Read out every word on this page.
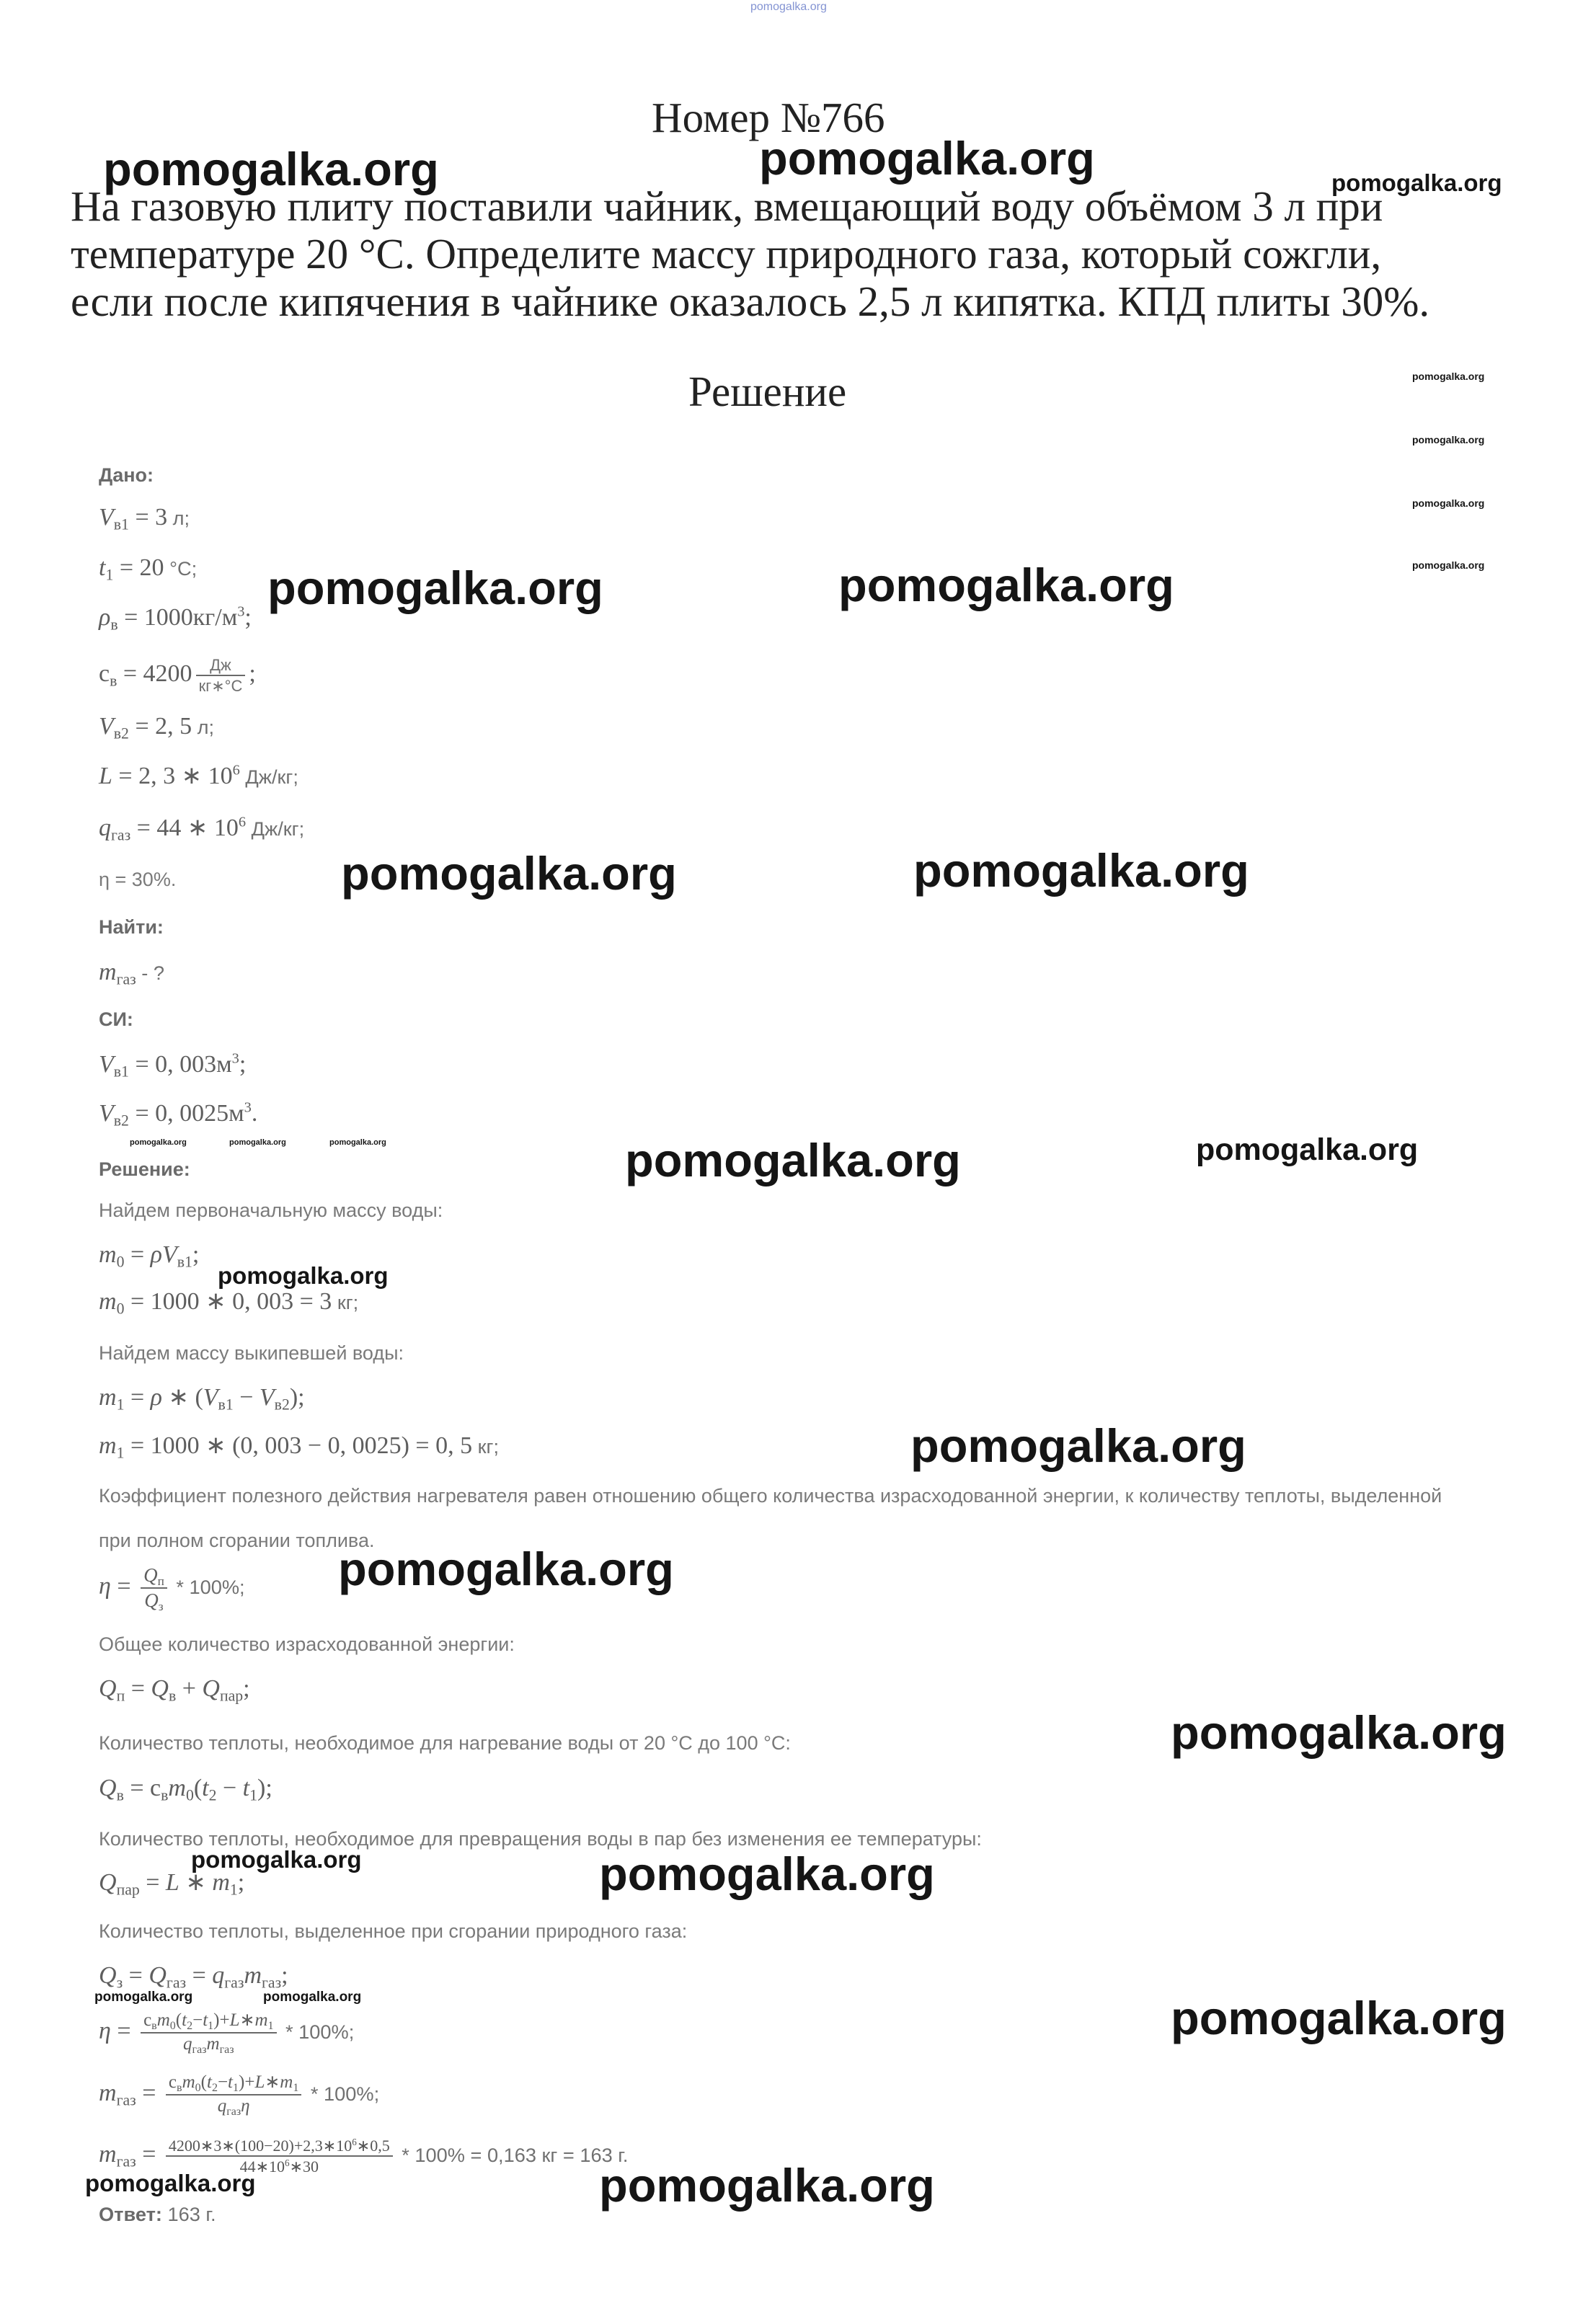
Номер №766
На газовую плиту поставили чайник, вмещающий воду объёмом 3 л при
температуре 20 °C. Определите массу природного газа, который сожгли,
если после кипячения в чайнике оказалось 2,5 л кипятка. КПД плиты 30%.
Решение
Дано:
Vв1 = 3 л;
t1 = 20 °C;
$\rho в = 1000кг/м^3$;
cв = $4200 \frac{Дж}{кг∗^\circ C}$ ;
Vв2 = 2, 5 л;
L = 2, 3 ∗ $10^6$ Дж/кг;
qгаз = 44 ∗ $10^6$ Дж/кг;
η = 30%.
Найти:
mгаз - ?
СИ:
Vв1 = 0, $003м^3$;
Vв2 = 0, $0025м^3$.
Решение:
Найдем первоначальную массу воды:
m0 = ρVв1;
m0 = 1000 ∗ 0, 003 = 3 кг;
Найдем массу выкипевшей воды:
m1 = ρ ∗ (Vв1 − Vв2);
m1 = 1000 ∗ (0, 003 − 0, 0025) = 0, 5 кг;
Коэффициент полезного действия нагревателя равен отношению общего количества израсходованной энергии, к количеству теплоты, выделенной
при полном сгорании топлива.
$\eta = \frac{Qп}{Qз} * 100\%$;
Общее количество израсходованной энергии:
Qп = Qв + Qпар;
Количество теплоты, необходимое для нагревание воды от 20 °C до 100 °C:
Qв = cвm0(t2 − t1);
Количество теплоты, необходимое для превращения воды в пар без изменения ее температуры:
Qпар = L ∗ m1;
Количество теплоты, выделенное при сгорании природного газа:
Qз = Qгаз = qгазmгаз;
$\eta = \frac{\text{cвm0(t2−t1)+L∗m1}}{\text{qгазmгаз}} * 100\%$;
mгаз = $\frac{\text{cвm0(t2−t1)+L∗m1}}{\text{qгазη}} * 100\%$;
mгаз = $\frac{4200∗3∗(100-20)+2,3∗10^6∗0,5}{44∗10^6∗30} * 100\% = 0,163$ кг = 163 г.
Ответ: 163 г.
pomogalka.org
pomogalka.org	pomogalka.org	pomogalka.org
pomogalka.org
pomogalka.org
pomogalka.org
pomogalka.org
pomogalka.org	pomogalka.org
pomogalka.org	pomogalka.org
pomogalka.org	pomogalka.org	pomogalka.org	pomogalka.org	pomogalka.org
pomogalka.org
pomogalka.org
pomogalka.org
pomogalka.org
pomogalka.org	pomogalka.org
pomogalka.org	pomogalka.org	pomogalka.org
pomogalka.org	pomogalka.org
